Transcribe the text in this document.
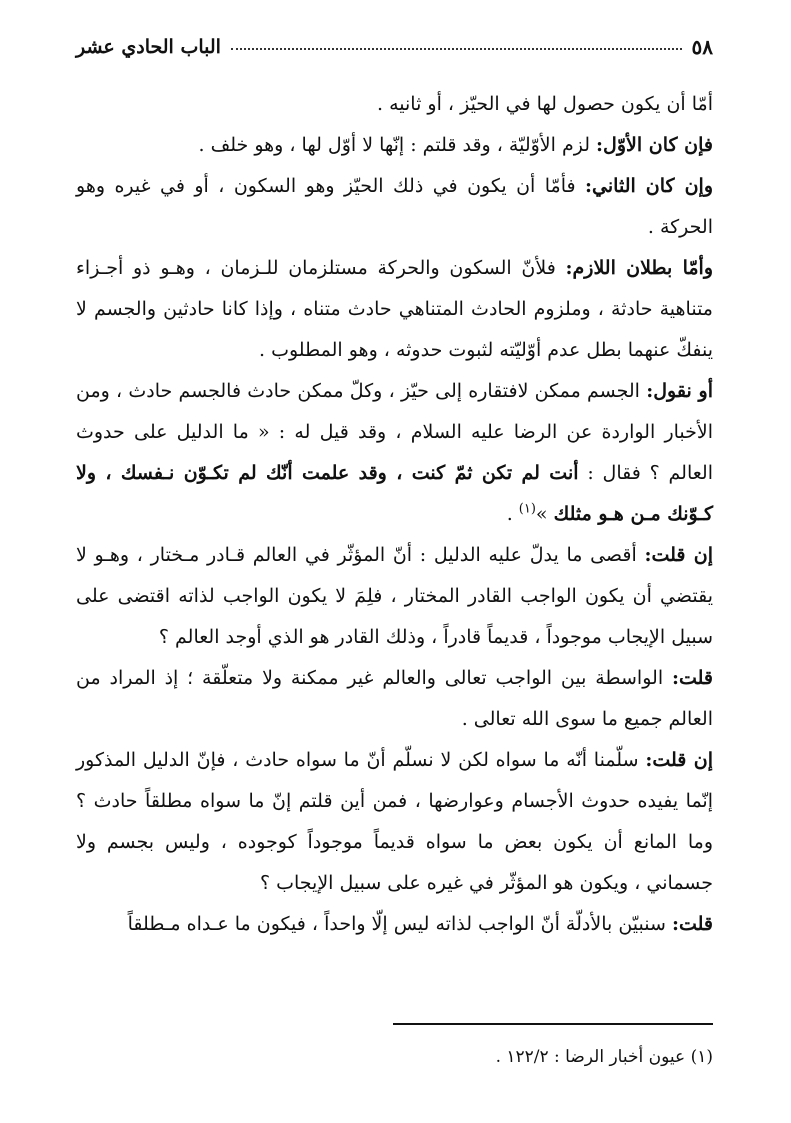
٥٨
الباب الحادي عشر

أمّا أن يكون حصول لها في الحيّز ، أو ثانيه .

فإن كان الأوّل: لزم الأوّليّة ، وقد قلتم : إنّها لا أوّل لها ، وهو خلف .

وإن كان الثاني: فأمّا أن يكون في ذلك الحيّز وهو السكون ، أو في غيره وهو الحركة .

وأمّا بطلان اللازم: فلأنّ السكون والحركة مستلزمان للـزمان ، وهـو ذو أجـزاء متناهية حادثة ، وملزوم الحادث المتناهي حادث متناه ، وإذا كانا حادثين والجسم لا ينفكّ عنهما بطل عدم أوّليّته لثبوت حدوثه ، وهو المطلوب .

أو نقول: الجسم ممكن لافتقاره إلى حيّز ، وكلّ ممكن حادث فالجسم حادث ، ومن الأخبار الواردة عن الرضا عليه السلام ، وقد قيل له : « ما الدليل على حدوث العالم ؟ فقال : أنت لم تكن ثمّ كنت ، وقد علمت أنّك لم تكـوّن نـفسك ، ولا كـوّنك مـن هـو مثلك »$^{(١)}$ .

إن قلت: أقصى ما يدلّ عليه الدليل : أنّ المؤثّر في العالم قـادر مـختار ، وهـو لا يقتضي أن يكون الواجب القادر المختار ، فلِمَ لا يكون الواجب لذاته اقتضى على سبيل الإيجاب موجوداً ، قديماً قادراً ، وذلك القادر هو الذي أوجد العالم ؟

قلت: الواسطة بين الواجب تعالى والعالم غير ممكنة ولا متعلّقة ؛ إذ المراد من العالم جميع ما سوى الله تعالى .

إن قلت: سلّمنا أنّه ما سواه لكن لا نسلّم أنّ ما سواه حادث ، فإنّ الدليل المذكور إنّما يفيده حدوث الأجسام وعوارضها ، فمن أين قلتم إنّ ما سواه مطلقاً حادث ؟ وما المانع أن يكون بعض ما سواه قديماً موجوداً كوجوده ، وليس بجسم ولا جسماني ، ويكون هو المؤثّر في غيره على سبيل الإيجاب ؟

قلت: سنبيّن بالأدلّة أنّ الواجب لذاته ليس إلّا واحداً ، فيكون ما عـداه مـطلقاً

(١) عيون أخبار الرضا : ١٢٢/٢ .
